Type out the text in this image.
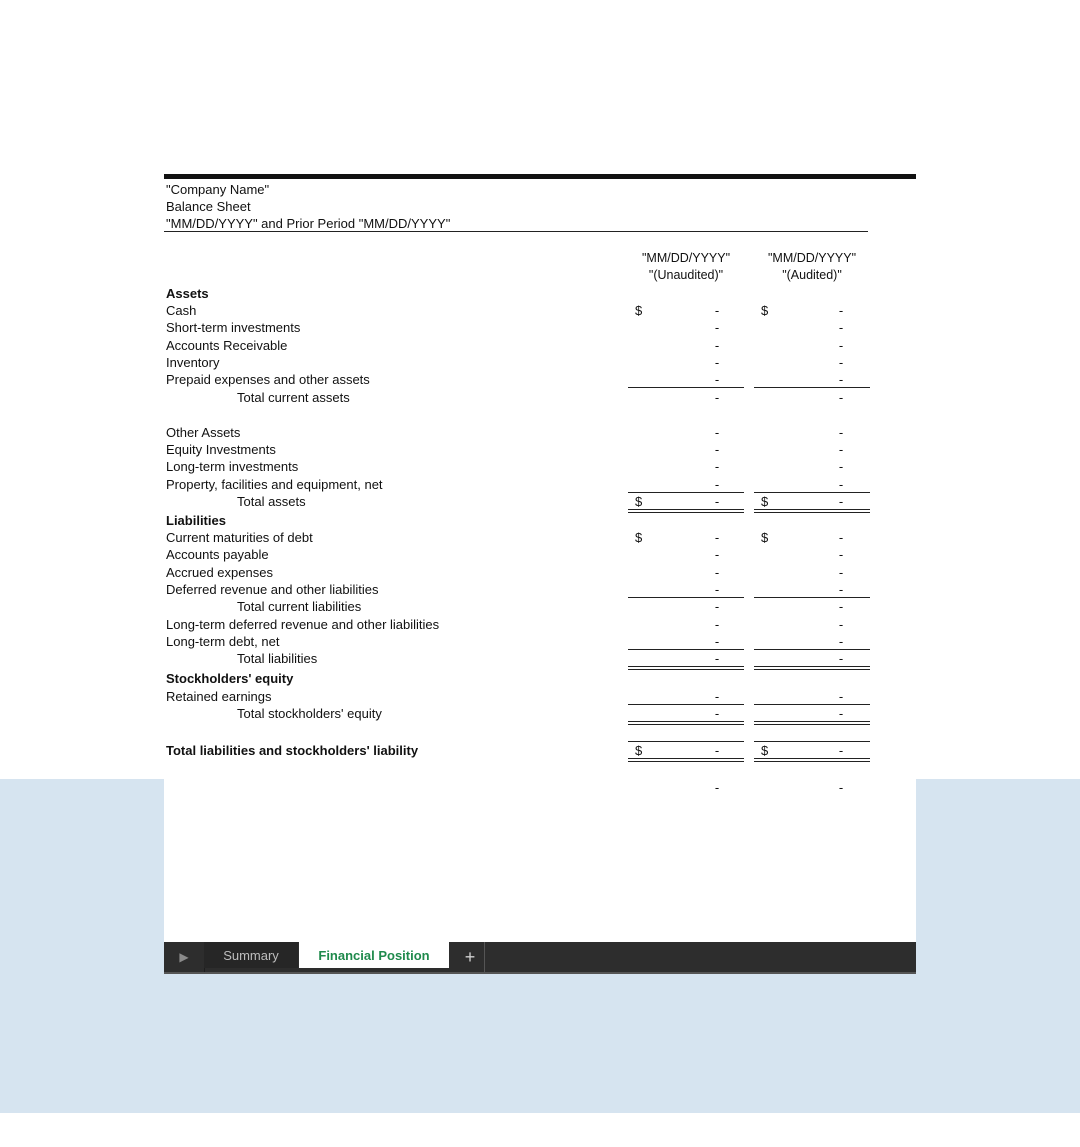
"Company Name"
Balance Sheet
"MM/DD/YYYY" and Prior Period "MM/DD/YYYY"
"MM/DD/YYYY"
"(Unaudited)"
"MM/DD/YYYY"
"(Audited)"
Assets
Cash	$	-	$	-
Short-term investments	-	-
Accounts Receivable	-	-
Inventory	-	-
Prepaid expenses and other assets	-	-
Total current assets	-	-
Other Assets	-	-
Equity Investments	-	-
Long-term investments	-	-
Property, facilities and equipment, net	-	-
Total assets	$	-	$	-
Liabilities
Current maturities of debt	$	-	$	-
Accounts payable	-	-
Accrued expenses	-	-
Deferred revenue and other liabilities	-	-
Total current liabilities	-	-
Long-term deferred revenue and other liabilities	-	-
Long-term debt, net	-	-
Total liabilities	-	-
Stockholders' equity
Retained earnings	-	-
Total stockholders' equity	-	-
Total liabilities and stockholders' liability	$	-	$	-
-	-
▶	Summary	Financial Position	+
